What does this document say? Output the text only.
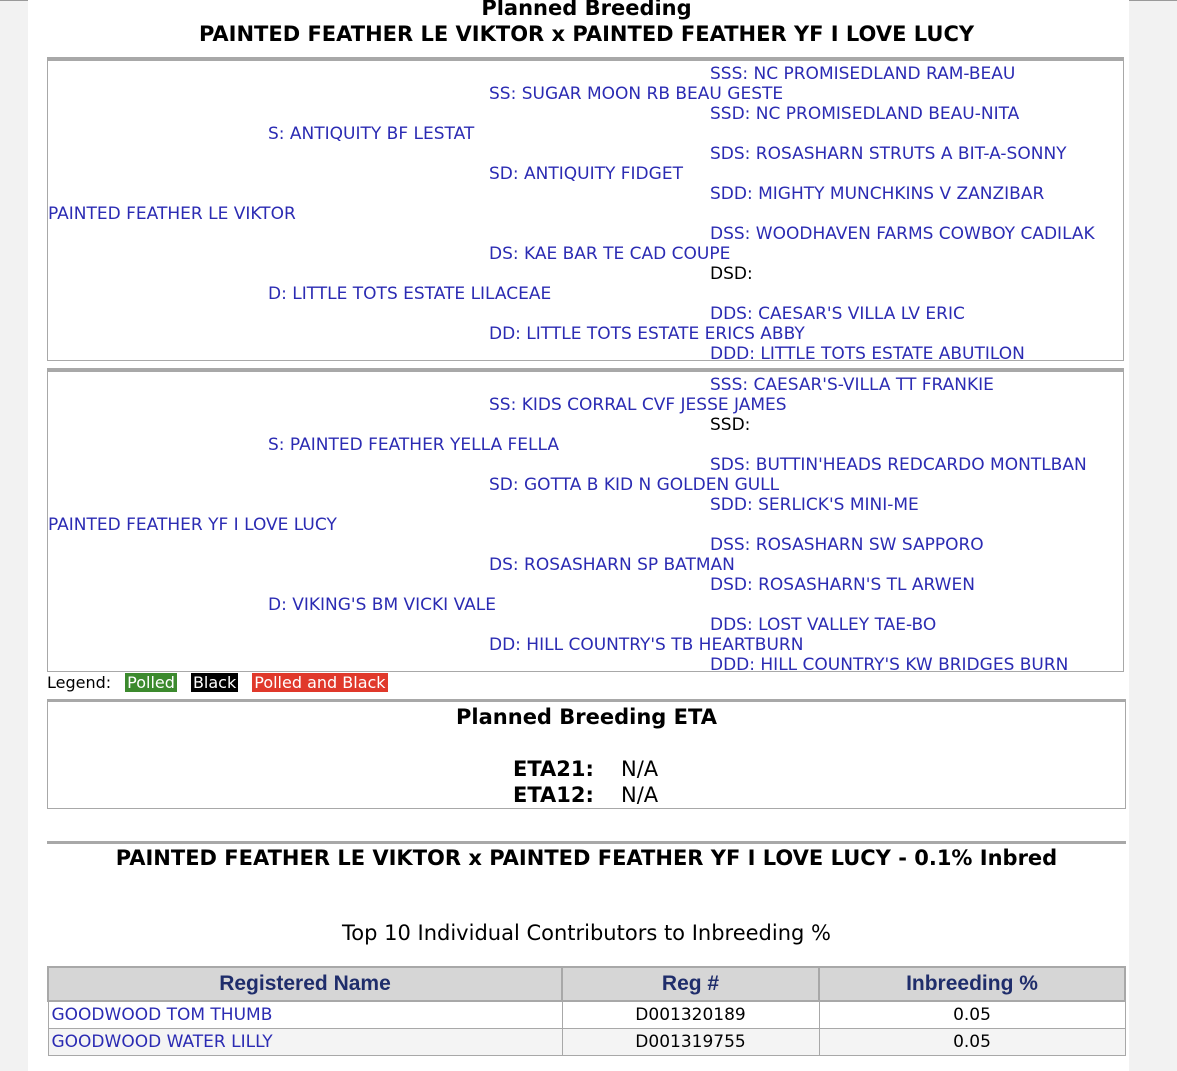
Planned Breeding
PAINTED FEATHER LE VIKTOR x PAINTED FEATHER YF I LOVE LUCY
SSS: NC PROMISEDLAND RAM-BEAU
SS: SUGAR MOON RB BEAU GESTE
SSD: NC PROMISEDLAND BEAU-NITA
S: ANTIQUITY BF LESTAT
SDS: ROSASHARN STRUTS A BIT-A-SONNY
SD: ANTIQUITY FIDGET
SDD: MIGHTY MUNCHKINS V ZANZIBAR
PAINTED FEATHER LE VIKTOR
DSS: WOODHAVEN FARMS COWBOY CADILAK
DS: KAE BAR TE CAD COUPE
DSD:
D: LITTLE TOTS ESTATE LILACEAE
DDS: CAESAR'S VILLA LV ERIC
DD: LITTLE TOTS ESTATE ERICS ABBY
DDD: LITTLE TOTS ESTATE ABUTILON
SSS: CAESAR'S-VILLA TT FRANKIE
SS: KIDS CORRAL CVF JESSE JAMES
SSD:
S: PAINTED FEATHER YELLA FELLA
SDS: BUTTIN'HEADS REDCARDO MONTLBAN
SD: GOTTA B KID N GOLDEN GULL
SDD: SERLICK'S MINI-ME
PAINTED FEATHER YF I LOVE LUCY
DSS: ROSASHARN SW SAPPORO
DS: ROSASHARN SP BATMAN
DSD: ROSASHARN'S TL ARWEN
D: VIKING'S BM VICKI VALE
DDS: LOST VALLEY TAE-BO
DD: HILL COUNTRY'S TB HEARTBURN
DDD: HILL COUNTRY'S KW BRIDGES BURN
Legend: Polled Black Polled and Black
Planned Breeding ETA
ETA21: N/A
ETA12: N/A
PAINTED FEATHER LE VIKTOR x PAINTED FEATHER YF I LOVE LUCY - 0.1% Inbred
Top 10 Individual Contributors to Inbreeding %
Registered Name	Reg #	Inbreeding %
GOODWOOD TOM THUMB	D001320189	0.05
GOODWOOD WATER LILLY	D001319755	0.05
